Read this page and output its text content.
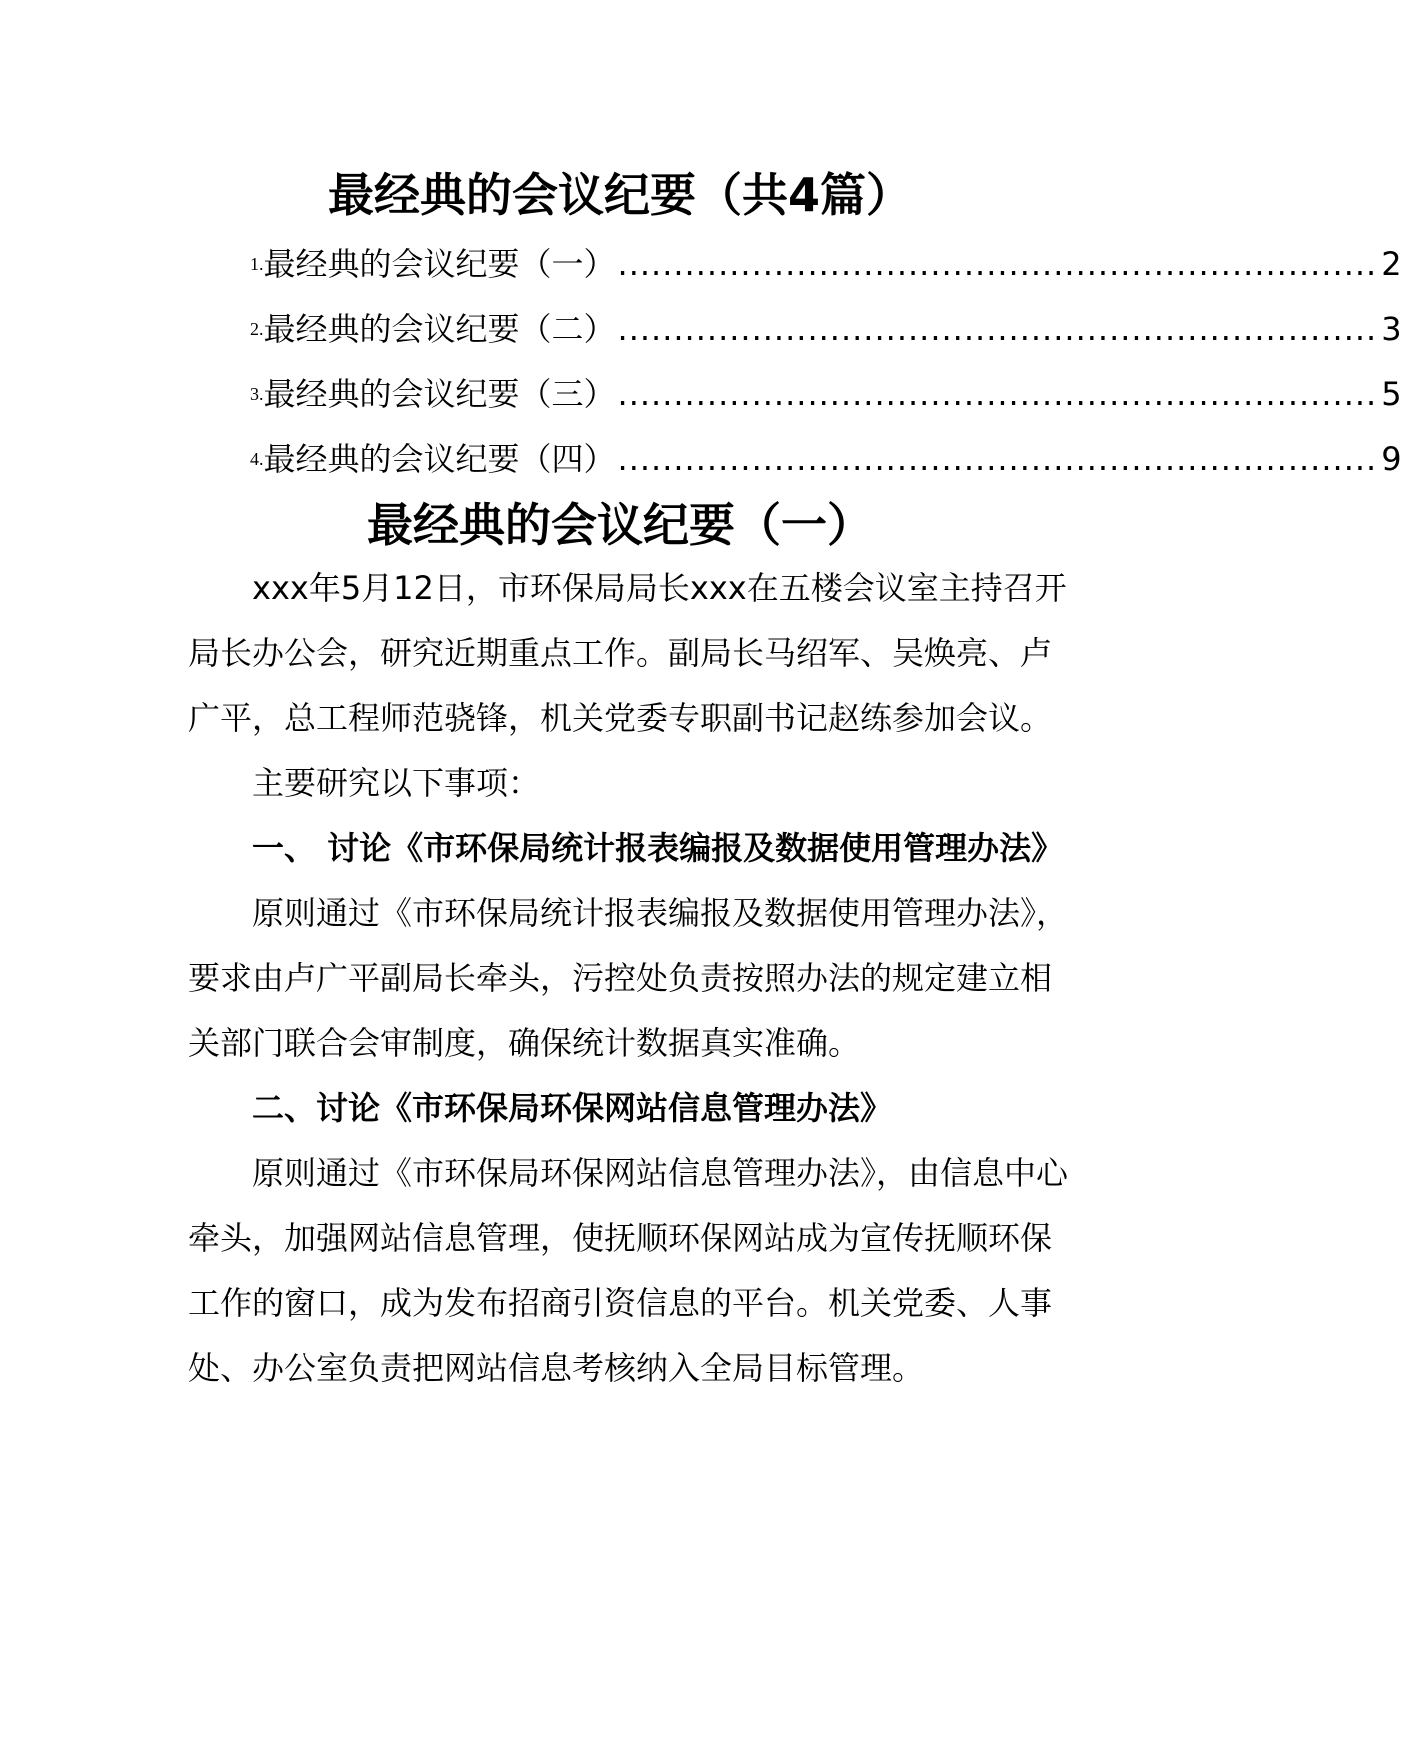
最经典的会议纪要（共4篇）
1. 最经典的会议纪要（一） .................................................................... 2
2. 最经典的会议纪要（二） .................................................................... 3
3. 最经典的会议纪要（三） .................................................................... 5
4. 最经典的会议纪要（四） .................................................................... 9
最经典的会议纪要（一）

xxx年5月12日，市环保局局长xxx在五楼会议室主持召开局长办公会，研究近期重点工作。副局长马绍军、吴焕亮、卢广平，总工程师范骁锋，机关党委专职副书记赵练参加会议。

主要研究以下事项：

一、 讨论《市环保局统计报表编报及数据使用管理办法》

原则通过《市环保局统计报表编报及数据使用管理办法》，要求由卢广平副局长牵头，污控处负责按照办法的规定建立相关部门联合会审制度，确保统计数据真实准确。

二、讨论《市环保局环保网站信息管理办法》

原则通过《市环保局环保网站信息管理办法》，由信息中心牵头，加强网站信息管理，使抚顺环保网站成为宣传抚顺环保工作的窗口，成为发布招商引资信息的平台。机关党委、人事处、办公室负责把网站信息考核纳入全局目标管理。
